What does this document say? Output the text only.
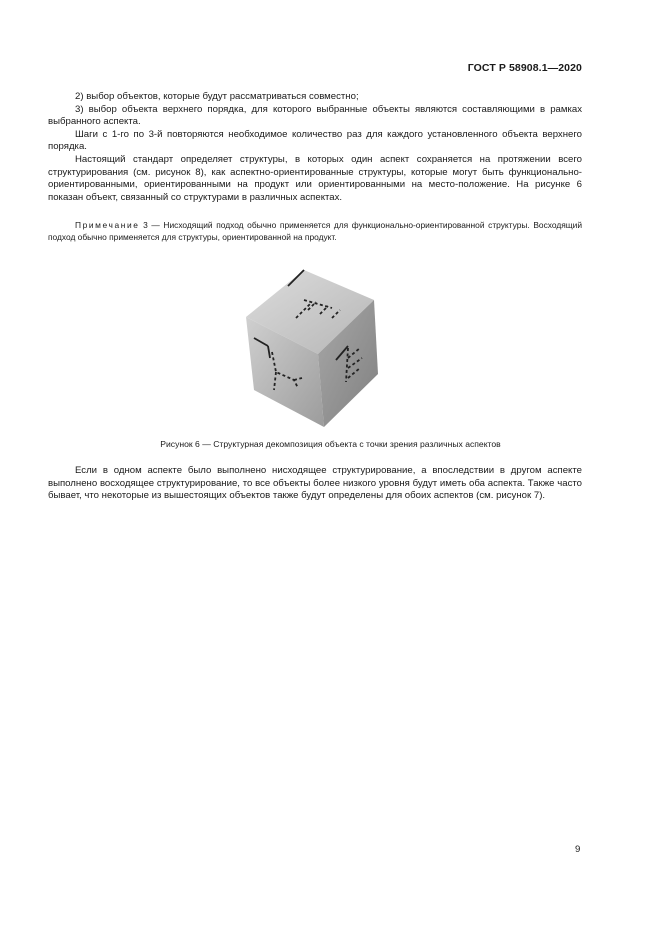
ГОСТ Р 58908.1—2020

2) выбор объектов, которые будут рассматриваться совместно;

3) выбор объекта верхнего порядка, для которого выбранные объекты являются составляющими в рамках выбранного аспекта.

Шаги с 1-го по 3-й повторяются необходимое количество раз для каждого установленного объекта верхнего порядка.

Настоящий стандарт определяет структуры, в которых один аспект сохраняется на протяжении всего структурирования (см. рисунок 8), как аспектно-ориентированные структуры, которые могут быть функционально-ориентированными, ориентированными на продукт или ориентированными на место-положение. На рисунке 6 показан объект, связанный со структурами в различных аспектах.

Примечание 3 — Нисходящий подход обычно применяется для функционально-ориентированной структуры. Восходящий подход обычно применяется для структуры, ориентированной на продукт.

Рисунок 6 — Структурная декомпозиция объекта с точки зрения различных аспектов

Если в одном аспекте было выполнено нисходящее структурирование, а впоследствии в другом аспекте выполнено восходящее структурирование, то все объекты более низкого уровня будут иметь оба аспекта. Также часто бывает, что некоторые из вышестоящих объектов также будут определены для обоих аспектов (см. рисунок 7).

9
